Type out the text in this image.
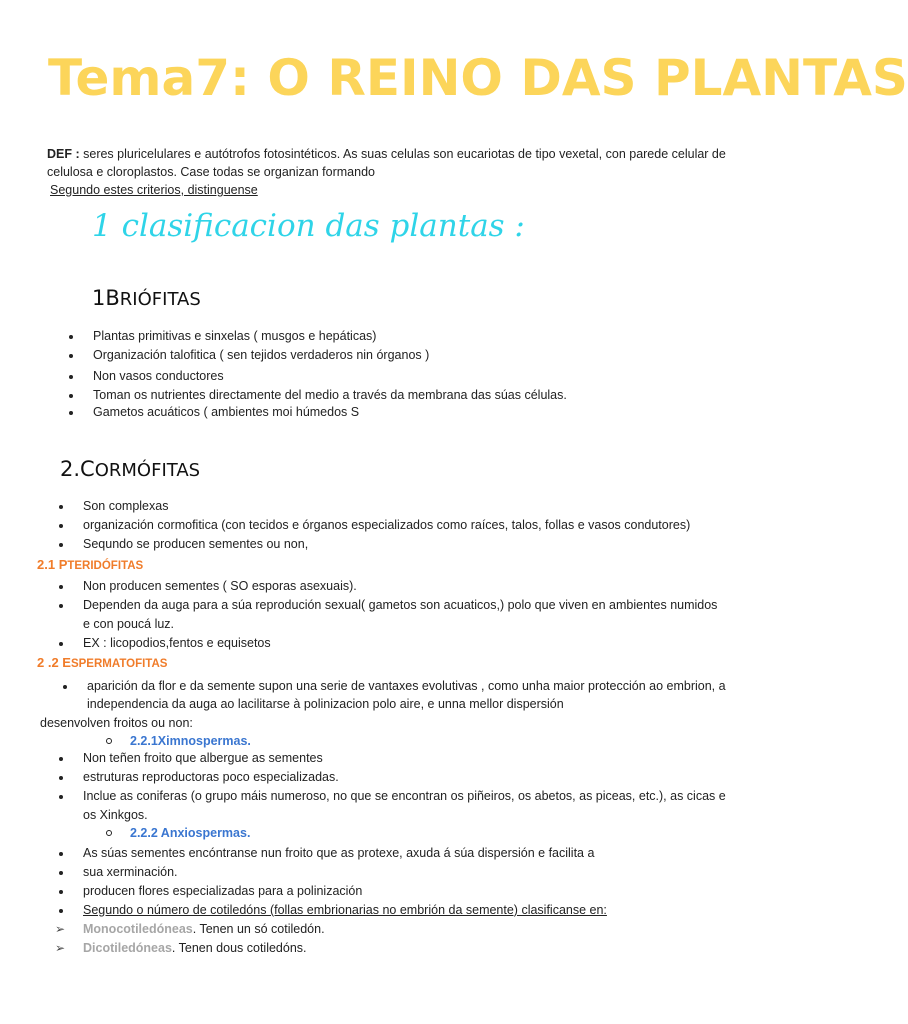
Tema7: O REINO DAS PLANTAS
DEF : seres pluricelulares e autótrofos fotosintéticos. As suas celulas son eucariotas de tipo vexetal, con parede celular de celulosa e cloroplastos. Case todas se organizan formando
Segundo estes criterios, distinguense
1 clasificacion das plantas :
1BRIÓFITAS
Plantas primitivas e sinxelas ( musgos e hepáticas)
Organización talofitica ( sen tejidos verdaderos nin órganos )
Non vasos conductores
Toman os nutrientes directamente del medio a través da membrana das súas células.
Gametos acuáticos ( ambientes moi húmedos S
2.CORMÓFITAS
Son complexas
organización cormofitica (con tecidos e órganos especializados como raíces, talos, follas e vasos condutores)
Sequndo se producen sementes ou non,
2.1 PTERIDÓFITAS
Non producen sementes ( SO esporas asexuais).
Dependen da auga para a súa reprodución sexual( gametos son acuaticos,) polo que viven en ambientes numidos e con poucá luz.
EX : licopodios,fentos e equisetos
2 .2 ESPERMATOFITAS
aparición da flor e da semente supon una serie de vantaxes evolutivas , como unha maior protección ao embrion, a independencia da auga ao lacilitarse à polinizacion polo aire, e unna mellor dispersión
desenvolven froitos ou non:
2.2.1Ximnospermas.
Non teñen froito que albergue as sementes
estruturas reproductoras poco especializadas.
Inclue as coniferas (o grupo máis numeroso, no que se encontran os piñeiros, os abetos, as piceas, etc.), as cicas e os Xinkgos.
2.2.2 Anxiospermas.
As súas sementes encóntranse nun froito que as protexe, axuda á súa dispersión e facilita a
sua xerminación.
producen flores especializadas para a polinización
Segundo o número de cotiledóns (follas embrionarias no embrión da semente) clasificanse en:
➢ Monocotiledóneas. Tenen un só cotiledón.
➢ Dicotiledóneas. Tenen dous cotiledóns.
